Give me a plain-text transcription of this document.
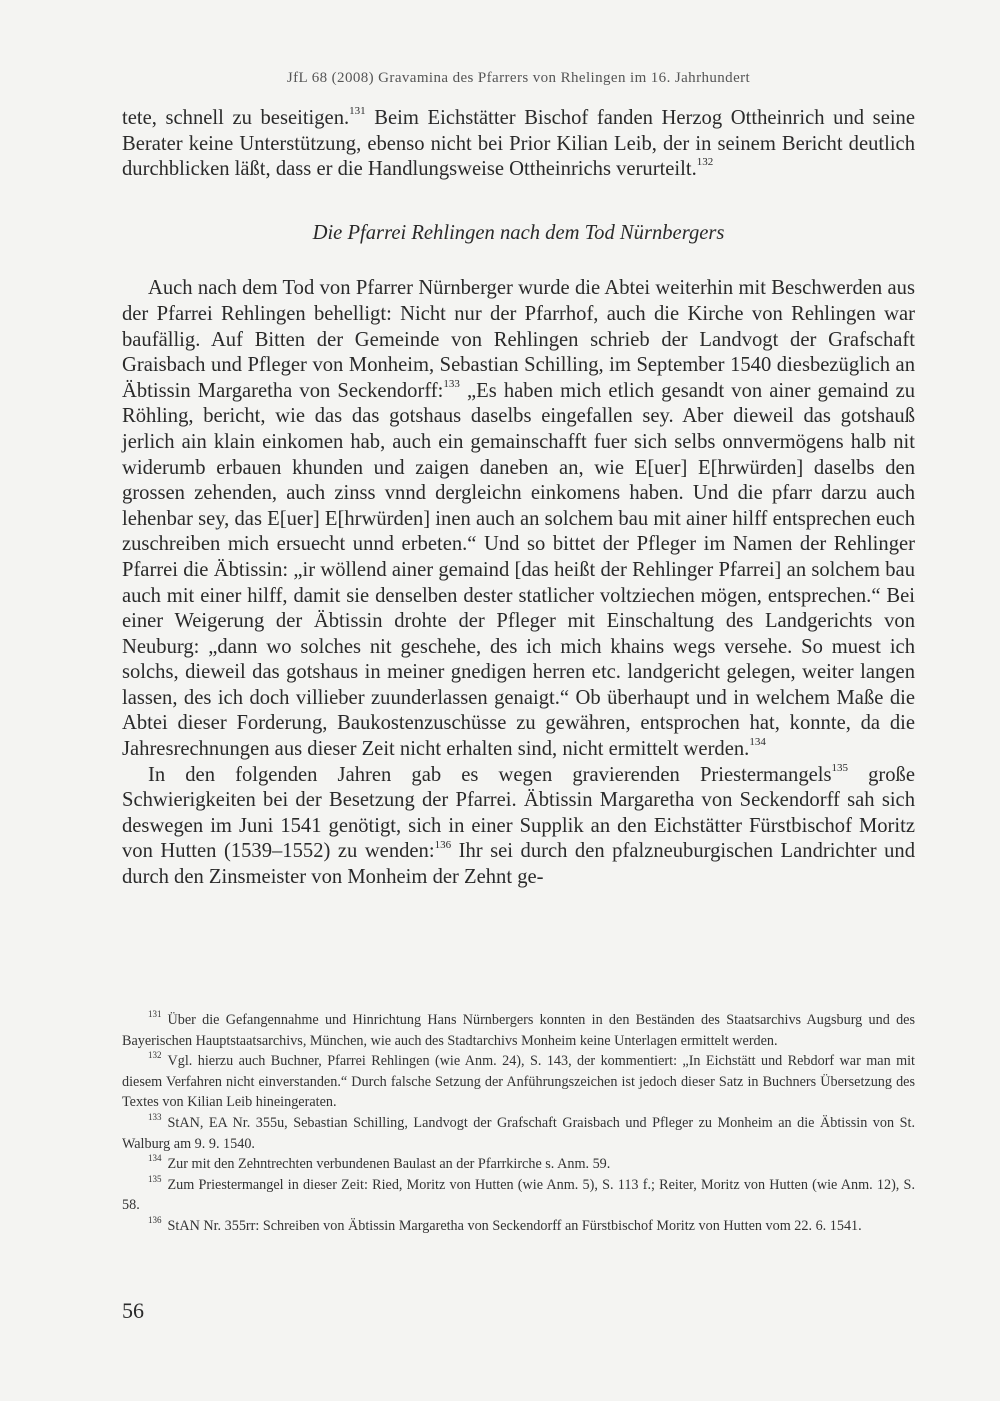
JfL 68 (2008) Gravamina des Pfarrers von Rhelingen im 16. Jahrhundert

tete, schnell zu beseitigen.$^{131}$ Beim Eichstätter Bischof fanden Herzog Ottheinrich und seine Berater keine Unterstützung, ebenso nicht bei Prior Kilian Leib, der in seinem Bericht deutlich durchblicken läßt, dass er die Handlungsweise Ottheinrichs verurteilt.$^{132}$

Die Pfarrei Rehlingen nach dem Tod Nürnbergers

Auch nach dem Tod von Pfarrer Nürnberger wurde die Abtei weiterhin mit Beschwerden aus der Pfarrei Rehlingen behelligt: Nicht nur der Pfarrhof, auch die Kirche von Rehlingen war baufällig. Auf Bitten der Gemeinde von Rehlingen schrieb der Landvogt der Grafschaft Graisbach und Pfleger von Monheim, Sebastian Schilling, im September 1540 diesbezüglich an Äbtissin Margaretha von Seckendorff:$^{133}$ „Es haben mich etlich gesandt von ainer gemaind zu Röhling, bericht, wie das das gotshaus daselbs eingefallen sey. Aber dieweil das gotshauß jerlich ain klain einkomen hab, auch ein gemainschafft fuer sich selbs onnvermögens halb nit widerumb erbauen khunden und zaigen daneben an, wie E[uer] E[hrwürden] daselbs den grossen zehenden, auch zinss vnnd dergleichn einkomens haben. Und die pfarr darzu auch lehenbar sey, das E[uer] E[hrwürden] inen auch an solchem bau mit ainer hilff entsprechen euch zuschreiben mich ersuecht unnd erbeten.“ Und so bittet der Pfleger im Namen der Rehlinger Pfarrei die Äbtissin: „ir wöllend ainer gemaind [das heißt der Rehlinger Pfarrei] an solchem bau auch mit einer hilff, damit sie denselben dester statlicher voltziechen mögen, entsprechen.“ Bei einer Weigerung der Äbtissin drohte der Pfleger mit Einschaltung des Landgerichts von Neuburg: „dann wo solches nit geschehe, des ich mich khains wegs versehe. So muest ich solchs, dieweil das gotshaus in meiner gnedigen herren etc. landgericht gelegen, weiter langen lassen, des ich doch villieber zuunderlassen genaigt.“ Ob überhaupt und in welchem Maße die Abtei dieser Forderung, Baukostenzuschüsse zu gewähren, entsprochen hat, konnte, da die Jahresrechnungen aus dieser Zeit nicht erhalten sind, nicht ermittelt werden.$^{134}$

In den folgenden Jahren gab es wegen gravierenden Priestermangels$^{135}$ große Schwierigkeiten bei der Besetzung der Pfarrei. Äbtissin Margaretha von Seckendorff sah sich deswegen im Juni 1541 genötigt, sich in einer Supplik an den Eichstätter Fürstbischof Moritz von Hutten (1539–1552) zu wenden:$^{136}$ Ihr sei durch den pfalzneuburgischen Landrichter und durch den Zinsmeister von Monheim der Zehnt ge-

$^{131}$ Über die Gefangennahme und Hinrichtung Hans Nürnbergers konnten in den Beständen des Staatsarchivs Augsburg und des Bayerischen Hauptstaatsarchivs, München, wie auch des Stadtarchivs Monheim keine Unterlagen ermittelt werden.

$^{132}$ Vgl. hierzu auch Buchner, Pfarrei Rehlingen (wie Anm. 24), S. 143, der kommentiert: „In Eichstätt und Rebdorf war man mit diesem Verfahren nicht einverstanden.“ Durch falsche Setzung der Anführungszeichen ist jedoch dieser Satz in Buchners Übersetzung des Textes von Kilian Leib hineingeraten.

$^{133}$ StAN, EA Nr. 355u, Sebastian Schilling, Landvogt der Grafschaft Graisbach und Pfleger zu Monheim an die Äbtissin von St. Walburg am 9. 9. 1540.

$^{134}$ Zur mit den Zehntrechten verbundenen Baulast an der Pfarrkirche s. Anm. 59.

$^{135}$ Zum Priestermangel in dieser Zeit: Ried, Moritz von Hutten (wie Anm. 5), S. 113 f.; Reiter, Moritz von Hutten (wie Anm. 12), S. 58.

$^{136}$ StAN Nr. 355rr: Schreiben von Äbtissin Margaretha von Seckendorff an Fürstbischof Moritz von Hutten vom 22. 6. 1541.

56
